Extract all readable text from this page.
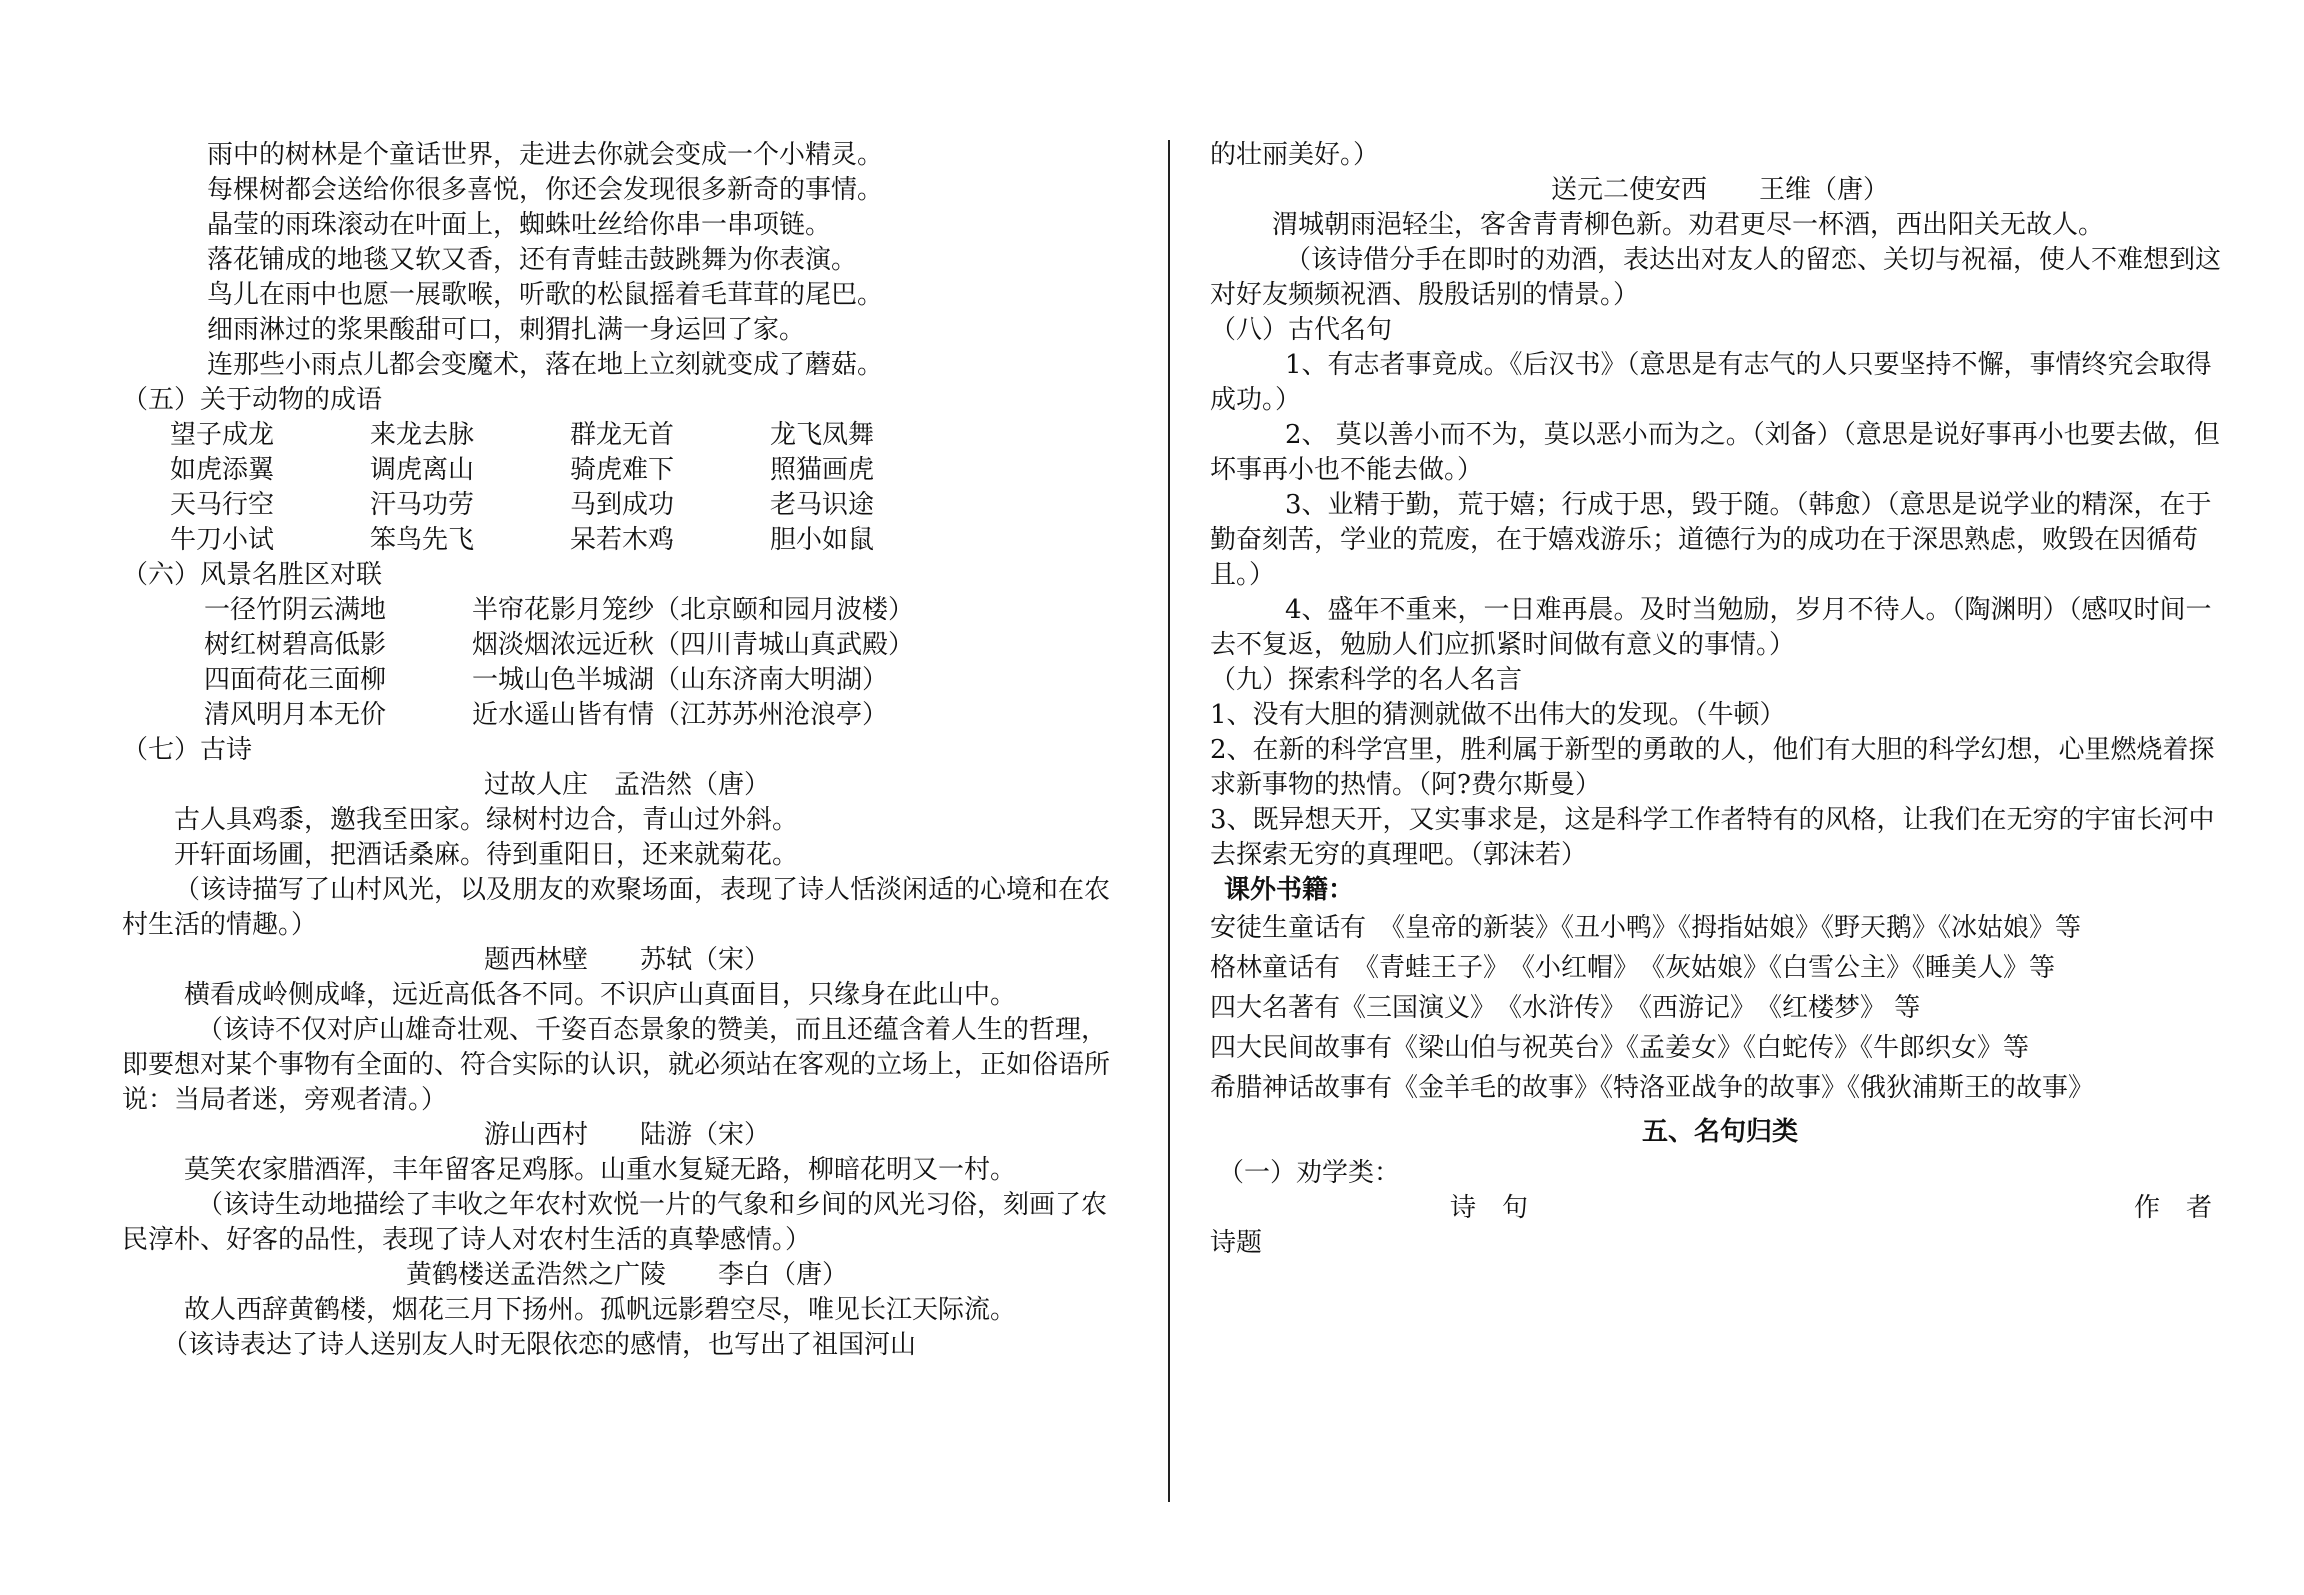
雨中的树林是个童话世界，走进去你就会变成一个小精灵。
每棵树都会送给你很多喜悦，你还会发现很多新奇的事情。
晶莹的雨珠滚动在叶面上，蜘蛛吐丝给你串一串项链。
落花铺成的地毯又软又香，还有青蛙击鼓跳舞为你表演。
鸟儿在雨中也愿一展歌喉，听歌的松鼠摇着毛茸茸的尾巴。
细雨淋过的浆果酸甜可口，刺猬扎满一身运回了家。
连那些小雨点儿都会变魔术，落在地上立刻就变成了蘑菇。
（五）关于动物的成语
望子成龙	来龙去脉	群龙无首	龙飞凤舞
如虎添翼	调虎离山	骑虎难下	照猫画虎
天马行空	汗马功劳	马到成功	老马识途
牛刀小试	笨鸟先飞	呆若木鸡	胆小如鼠
（六）风景名胜区对联
一径竹阴云满地	半帘花影月笼纱（北京颐和园月波楼）
树红树碧高低影	烟淡烟浓远近秋（四川青城山真武殿）
四面荷花三面柳	一城山色半城湖（山东济南大明湖）
清风明月本无价	近水遥山皆有情（江苏苏州沧浪亭）
（七）古诗
过故人庄　孟浩然（唐）
古人具鸡黍，邀我至田家。绿树村边合，青山过外斜。
开轩面场圃，把酒话桑麻。待到重阳日，还来就菊花。
（该诗描写了山村风光，以及朋友的欢聚场面，表现了诗人恬淡闲适的心境和在农村生活的情趣。）
题西林壁　　苏轼（宋）
横看成岭侧成峰，远近高低各不同。不识庐山真面目，只缘身在此山中。
（该诗不仅对庐山雄奇壮观、千姿百态景象的赞美，而且还蕴含着人生的哲理，即要想对某个事物有全面的、符合实际的认识，就必须站在客观的立场上，正如俗语所说：当局者迷，旁观者清。）
游山西村　　陆游（宋）
莫笑农家腊酒浑，丰年留客足鸡豚。山重水复疑无路，柳暗花明又一村。
（该诗生动地描绘了丰收之年农村欢悦一片的气象和乡间的风光习俗，刻画了农民淳朴、好客的品性，表现了诗人对农村生活的真挚感情。）
黄鹤楼送孟浩然之广陵　　李白（唐）
故人西辞黄鹤楼，烟花三月下扬州。孤帆远影碧空尽，唯见长江天际流。
（该诗表达了诗人送别友人时无限依恋的感情，也写出了祖国河山
的壮丽美好。）
送元二使安西　　王维（唐）
渭城朝雨浥轻尘，客舍青青柳色新。劝君更尽一杯酒，西出阳关无故人。
（该诗借分手在即时的劝酒，表达出对友人的留恋、关切与祝福，使人不难想到这对好友频频祝酒、殷殷话别的情景。）
（八）古代名句
1、有志者事竟成。《后汉书》（意思是有志气的人只要坚持不懈，事情终究会取得成功。）
2、 莫以善小而不为，莫以恶小而为之。（刘备）（意思是说好事再小也要去做，但坏事再小也不能去做。）
3、业精于勤，荒于嬉；行成于思，毁于随。（韩愈）（意思是说学业的精深，在于勤奋刻苦，学业的荒废，在于嬉戏游乐；道德行为的成功在于深思熟虑，败毁在因循苟且。）
4、盛年不重来，一日难再晨。及时当勉励，岁月不待人。（陶渊明）（感叹时间一去不复返，勉励人们应抓紧时间做有意义的事情。）
（九）探索科学的名人名言
1、没有大胆的猜测就做不出伟大的发现。（牛顿）
2、在新的科学宫里，胜利属于新型的勇敢的人，他们有大胆的科学幻想，心里燃烧着探求新事物的热情。（阿?费尔斯曼）
3、既异想天开，又实事求是，这是科学工作者特有的风格，让我们在无穷的宇宙长河中去探索无穷的真理吧。（郭沫若）
课外书籍：
安徒生童话有　《皇帝的新装》《丑小鸭》《拇指姑娘》《野天鹅》《冰姑娘》等
格林童话有　《青蛙王子》　《小红帽》　《灰姑娘》《白雪公主》《睡美人》等
四大名著有《三国演义》　《水浒传》　《西游记》　《红楼梦》 等
四大民间故事有《梁山伯与祝英台》《孟姜女》《白蛇传》《牛郎织女》等
希腊神话故事有《金羊毛的故事》《特洛亚战争的故事》《俄狄浦斯王的故事》
五、名句归类
（一）劝学类：
诗　句	作　者
诗题
